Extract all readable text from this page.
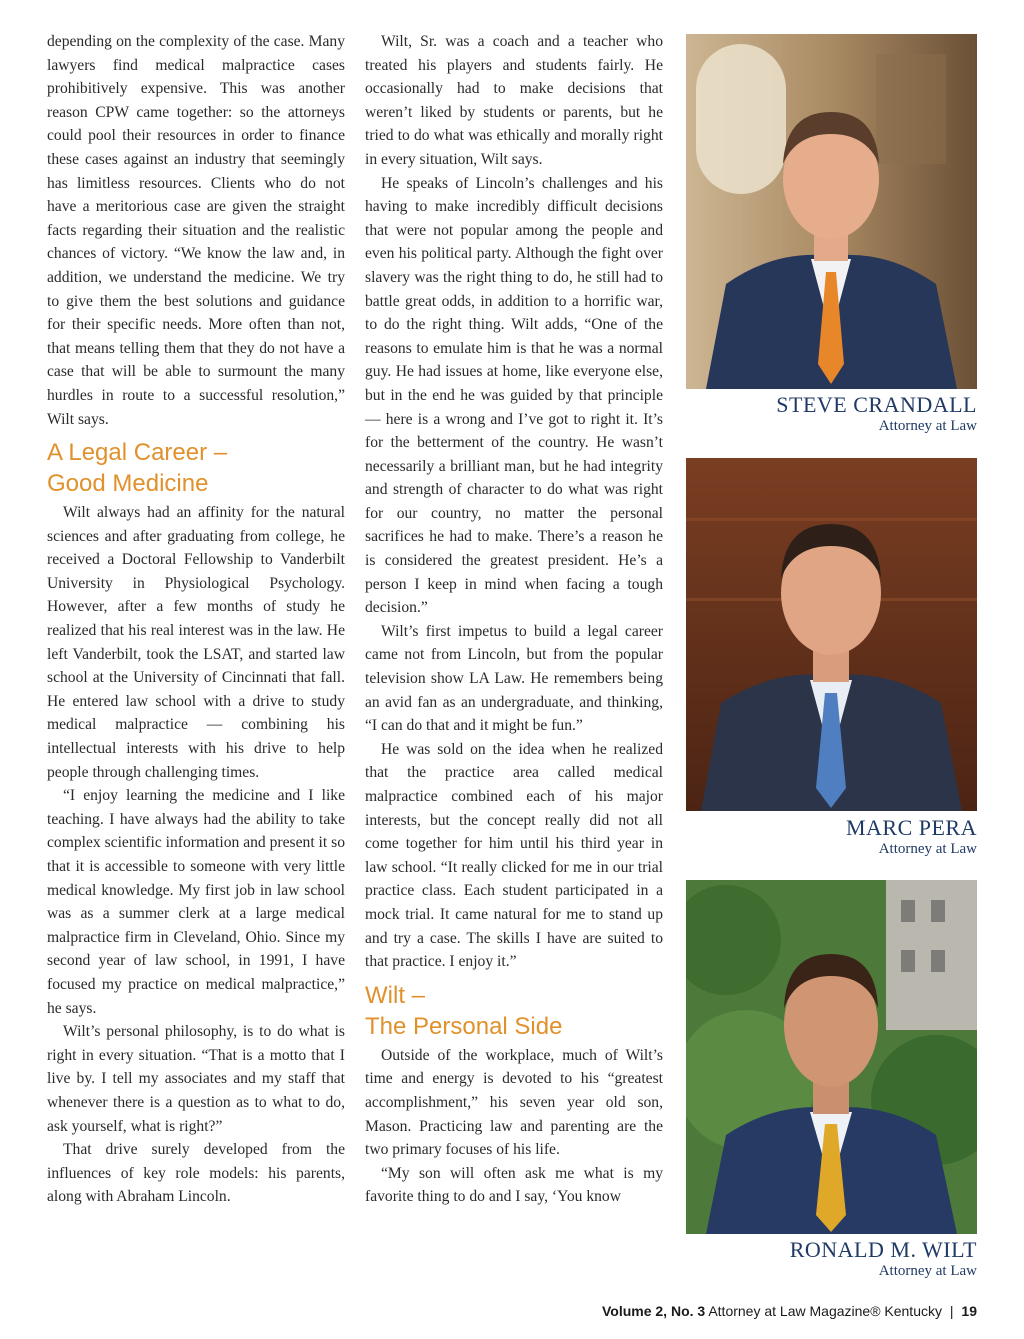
depending on the complexity of the case. Many lawyers find medical malpractice cases prohibitively expensive. This was another reason CPW came together: so the attorneys could pool their resources in order to finance these cases against an industry that seemingly has limitless resources. Clients who do not have a meritorious case are given the straight facts regarding their situation and the realistic chances of victory. “We know the law and, in addition, we understand the medicine. We try to give them the best solutions and guidance for their specific needs. More often than not, that means telling them that they do not have a case that will be able to surmount the many hurdles in route to a successful resolution,” Wilt says.

A Legal Career –
Good Medicine

Wilt always had an affinity for the natural sciences and after graduating from college, he received a Doctoral Fellowship to Vanderbilt University in Physiological Psychology. However, after a few months of study he realized that his real interest was in the law. He left Vanderbilt, took the LSAT, and started law school at the University of Cincinnati that fall. He entered law school with a drive to study medical malpractice — combining his intellectual interests with his drive to help people through challenging times.

“I enjoy learning the medicine and I like teaching. I have always had the ability to take complex scientific information and present it so that it is accessible to someone with very little medical knowledge. My first job in law school was as a summer clerk at a large medical malpractice firm in Cleveland, Ohio. Since my second year of law school, in 1991, I have focused my practice on medical malpractice,” he says.

Wilt’s personal philosophy, is to do what is right in every situation. “That is a motto that I live by. I tell my associates and my staff that whenever there is a question as to what to do, ask yourself, what is right?”

That drive surely developed from the influences of key role models: his parents, along with Abraham Lincoln.

Wilt, Sr. was a coach and a teacher who treated his players and students fairly. He occasionally had to make decisions that weren’t liked by students or parents, but he tried to do what was ethically and morally right in every situation, Wilt says.

He speaks of Lincoln’s challenges and his having to make incredibly difficult decisions that were not popular among the people and even his political party. Although the fight over slavery was the right thing to do, he still had to battle great odds, in addition to a horrific war, to do the right thing. Wilt adds, “One of the reasons to emulate him is that he was a normal guy. He had issues at home, like everyone else, but in the end he was guided by that principle — here is a wrong and I’ve got to right it. It’s for the betterment of the country. He wasn’t necessarily a brilliant man, but he had integrity and strength of character to do what was right for our country, no matter the personal sacrifices he had to make. There’s a reason he is considered the greatest president. He’s a person I keep in mind when facing a tough decision.”

Wilt’s first impetus to build a legal career came not from Lincoln, but from the popular television show LA Law. He remembers being an avid fan as an undergraduate, and thinking, “I can do that and it might be fun.”

He was sold on the idea when he realized that the practice area called medical malpractice combined each of his major interests, but the concept really did not all come together for him until his third year in law school. “It really clicked for me in our trial practice class. Each student participated in a mock trial. It came natural for me to stand up and try a case. The skills I have are suited to that practice. I enjoy it.”

Wilt –
The Personal Side

Outside of the workplace, much of Wilt’s time and energy is devoted to his “greatest accomplishment,” his seven year old son, Mason. Practicing law and parenting are the two primary focuses of his life.

“My son will often ask me what is my favorite thing to do and I say, ‘You know

STEVE CRANDALL
Attorney at Law
MARC PERA
Attorney at Law
RONALD M. WILT
Attorney at Law
Volume 2, No. 3 Attorney at Law Magazine® Kentucky | 19
